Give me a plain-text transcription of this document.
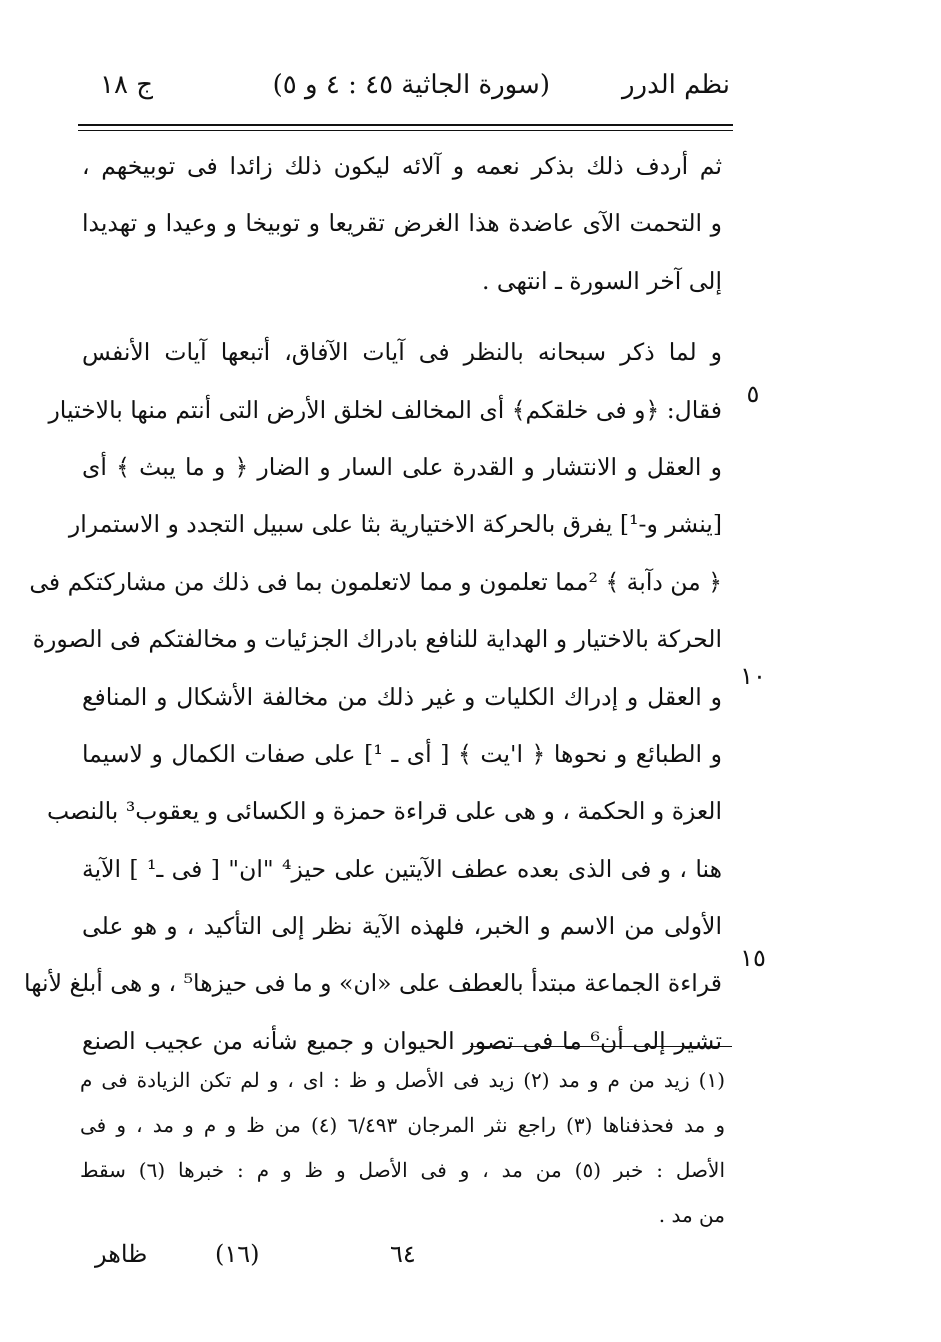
نظم الدرر
(سورة الجاثية ٤٥ : ٤ و ٥)
ج ١٨
ثم أردف ذلك بذكر نعمه و آلائه ليكون ذلك زائدا فى توبيخهم ،
و التحمت الآى عاضدة هذا الغرض تقريعا و توبيخا و وعيدا و تهديدا
إلى آخر السورة ـ انتهى .
و لما ذكر سبحانه بالنظر فى آيات الآفاق، أتبعها آيات الأنفس
فقال: ﴿و فى خلقكم﴾ أى المخالف لخلق الأرض التى أنتم منها بالاختيار
و العقل و الانتشار و القدرة على السار و الضار ﴿ و ما يبث ﴾ أى
[ينشر و-¹] يفرق بالحركة الاختيارية بثا على سبيل التجدد و الاستمرار
﴿ من دآبة ﴾ ²مما تعلمون و مما لاتعلمون بما فى ذلك من مشاركتكم فى
الحركة بالاختيار و الهداية للنافع بادراك الجزئيات و مخالفتكم فى الصورة
و العقل و إدراك الكليات و غير ذلك من مخالفة الأشكال و المنافع
و الطبائع و نحوها ﴿ ا'يت ﴾ [ أى ـ ¹] على صفات الكمال و لاسيما
العزة و الحكمة ، و هى على قراءة حمزة و الكسائى و يعقوب³ بالنصب
هنا ، و فى الذى بعده عطف الآيتين على حيز⁴ "ان" [ فى ـ¹ ] الآية
الأولى من الاسم و الخبر، فلهذه الآية نظر إلى التأكيد ، و هو على
قراءة الجماعة مبتدأ بالعطف على «ان» و ما فى حيزها⁵ ، و هى أبلغ لأنها
تشير إلى أن⁶ ما فى تصور الحيوان و جميع شأنه من عجيب الصنع
٥
١٠
١٥
(١) زيد من م و مد (٢) زيد فى الأصل و ظ : اى ، و لم تكن الزيادة فى م
و مد فحذفناها (٣) راجع نثر المرجان ٦/٤٩٣ (٤) من ظ و م و مد ، و فى
الأصل : خبر (٥) من مد ، و فى الأصل و ظ و م : خبرها (٦) سقط
من مد .
ظاهر	(١٦)	٦٤
